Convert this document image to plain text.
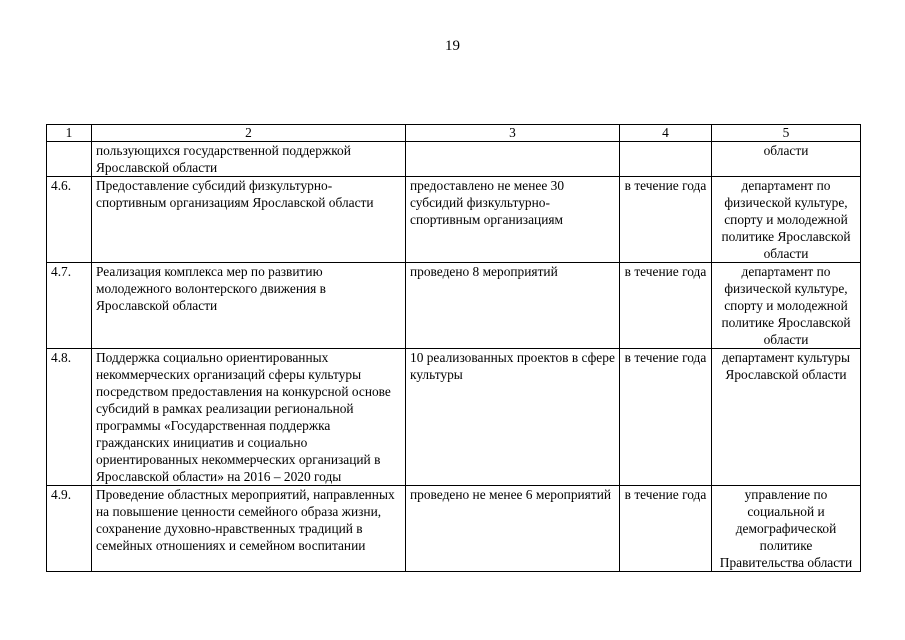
19
1	2	3	4	5
	пользующихся государственной поддержкой Ярославской области			области
4.6.	Предоставление субсидий физкультурно-спортивным организациям Ярославской области	предоставлено не менее 30 субсидий физкультурно-спортивным организациям	в течение года	департамент по физической культуре, спорту и молодежной политике Ярославской области
4.7.	Реализация комплекса мер по развитию молодежного волонтерского движения в Ярославской области	проведено 8 мероприятий	в течение года	департамент по физической культуре, спорту и молодежной политике Ярославской области
4.8.	Поддержка социально ориентированных некоммерческих организаций сферы культуры посредством предоставления на конкурсной основе субсидий в рамках реализации региональной программы «Государственная поддержка гражданских инициатив и социально ориентированных некоммерческих организаций в Ярославской области» на 2016 – 2020 годы	10 реализованных проектов в сфере культуры	в течение года	департамент культуры Ярославской области
4.9.	Проведение областных мероприятий, направленных на повышение ценности семейного образа жизни, сохранение духовно-нравственных традиций в семейных отношениях и семейном воспитании	проведено не менее 6 мероприятий	в течение года	управление по социальной и демографической политике Правительства области
